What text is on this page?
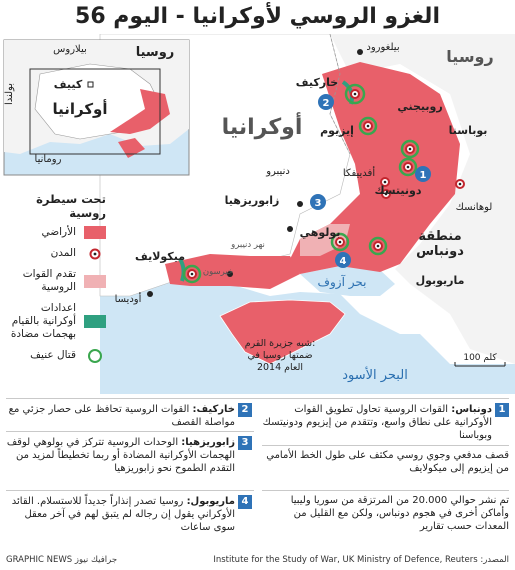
الغزو الروسي لأوكرانيا - اليوم 56
1
2
3
4
أوكرانيا
روسيا
بيلغورود
خاركيف
إيزيوم
روبيجني
بوباسنا
دنيبرو	أفدييفكا
دونيتسك
لوهانسك
زابوريزهيا
بولوهي	منطقة دونباس
ماريوبول
ميكولايف
أوديسا
بحر آزوف
شبه جزيرة القرم: ضمتها روسيا في العام 2014
البحر الأسود
نهر دنيبرو
خيرسون
100 كلم
روسيا
بيلاروس
بولندا	كييف
أوكرانيا
رومانيا
تحت سيطرة روسية
الأراضي
المدن
تقدم القوات الروسية
اعدادات أوكرانية بالقيام بهجمات مضادة
قتال عنيف
1
دونباس: القوات الروسية تحاول تطويق القوات الأوكرانية على نطاق واسع، وتتقدم من إيزيوم ودونيتسك وبوباسنا
قصف مدفعي وجوي روسي مكثف على طول الخط الأمامي من إيزيوم إلى ميكولايف
تم نشر حوالي 20.000 من المرتزقة من سوريا وليبيا وأماكن أخرى في هجوم دونباس، ولكن مع القليل من المعدات حسب تقارير
2
خاركيف: القوات الروسية تحافظ على حصار جزئي مع مواصلة القصف
3
زابوريزهيا: الوحدات الروسية تتركز في بولوهي لوقف الهجمات الأوكرانية المضادة أو ربما تخطيطاً لمزيد من التقدم الطموح نحو زابوريزهيا
4
ماريوبول: روسيا تصدر إنذاراً جديداً للاستسلام. القائد الأوكراني يقول إن رجاله لم يتبق لهم في آخر معقل سوى ساعات
المصدر: Institute for the Study of War, UK Ministry of Defence, Reuters
جرافيك نيوز GRAPHIC NEWS
